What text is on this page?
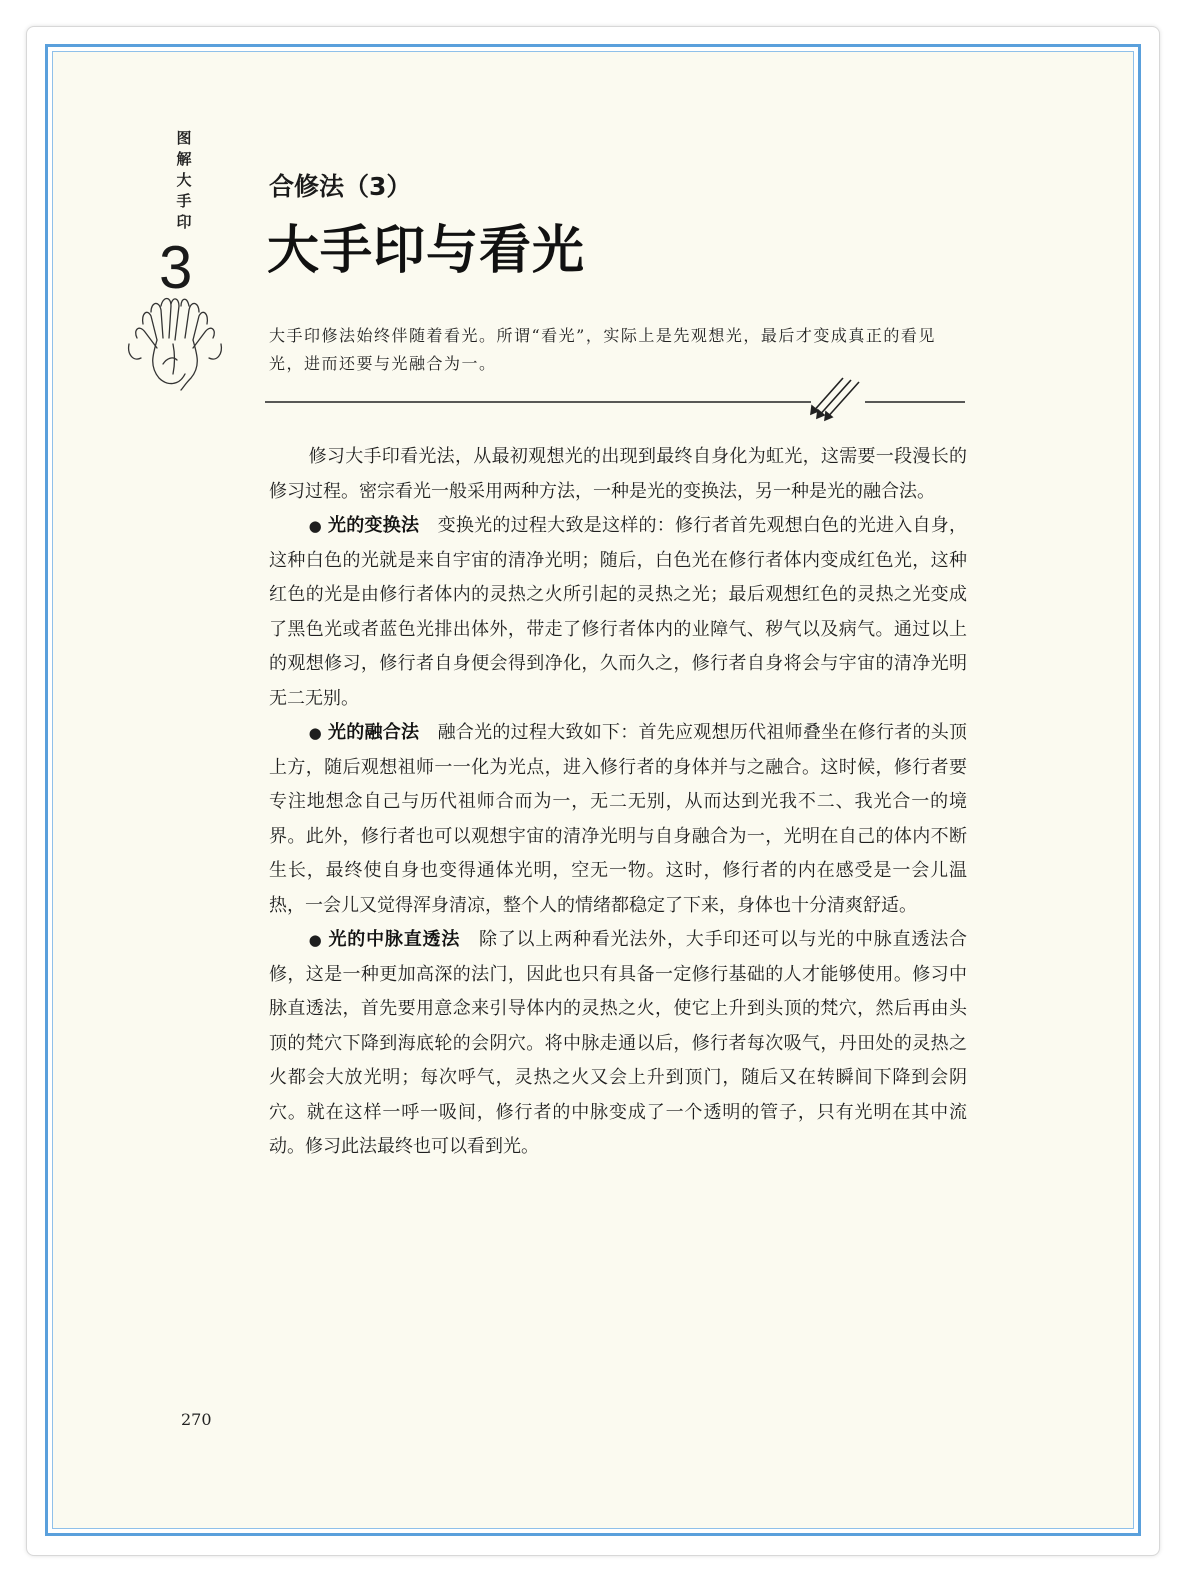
图解大手印
3
合修法（3）
大手印与看光
大手印修法始终伴随着看光。所谓“看光”，实际上是先观想光，最后才变成真正的看见光，进而还要与光融合为一。

修习大手印看光法，从最初观想光的出现到最终自身化为虹光，这需要一段漫长的修习过程。密宗看光一般采用两种方法，一种是光的变换法，另一种是光的融合法。

● 光的变换法　 变换光的过程大致是这样的：修行者首先观想白色的光进入自身，这种白色的光就是来自宇宙的清净光明；随后，白色光在修行者体内变成红色光，这种红色的光是由修行者体内的灵热之火所引起的灵热之光；最后观想红色的灵热之光变成了黑色光或者蓝色光排出体外，带走了修行者体内的业障气、秽气以及病气。通过以上的观想修习，修行者自身便会得到净化，久而久之，修行者自身将会与宇宙的清净光明无二无别。

● 光的融合法　 融合光的过程大致如下：首先应观想历代祖师叠坐在修行者的头顶上方，随后观想祖师一一化为光点，进入修行者的身体并与之融合。这时候，修行者要专注地想念自己与历代祖师合而为一，无二无别，从而达到光我不二、我光合一的境界。此外，修行者也可以观想宇宙的清净光明与自身融合为一，光明在自己的体内不断生长，最终使自身也变得通体光明，空无一物。这时，修行者的内在感受是一会儿温热，一会儿又觉得浑身清凉，整个人的情绪都稳定了下来，身体也十分清爽舒适。

● 光的中脉直透法　 除了以上两种看光法外，大手印还可以与光的中脉直透法合修，这是一种更加高深的法门，因此也只有具备一定修行基础的人才能够使用。修习中脉直透法，首先要用意念来引导体内的灵热之火，使它上升到头顶的梵穴，然后再由头顶的梵穴下降到海底轮的会阴穴。将中脉走通以后，修行者每次吸气，丹田处的灵热之火都会大放光明；每次呼气，灵热之火又会上升到顶门，随后又在转瞬间下降到会阴穴。就在这样一呼一吸间，修行者的中脉变成了一个透明的管子，只有光明在其中流动。修习此法最终也可以看到光。

270
